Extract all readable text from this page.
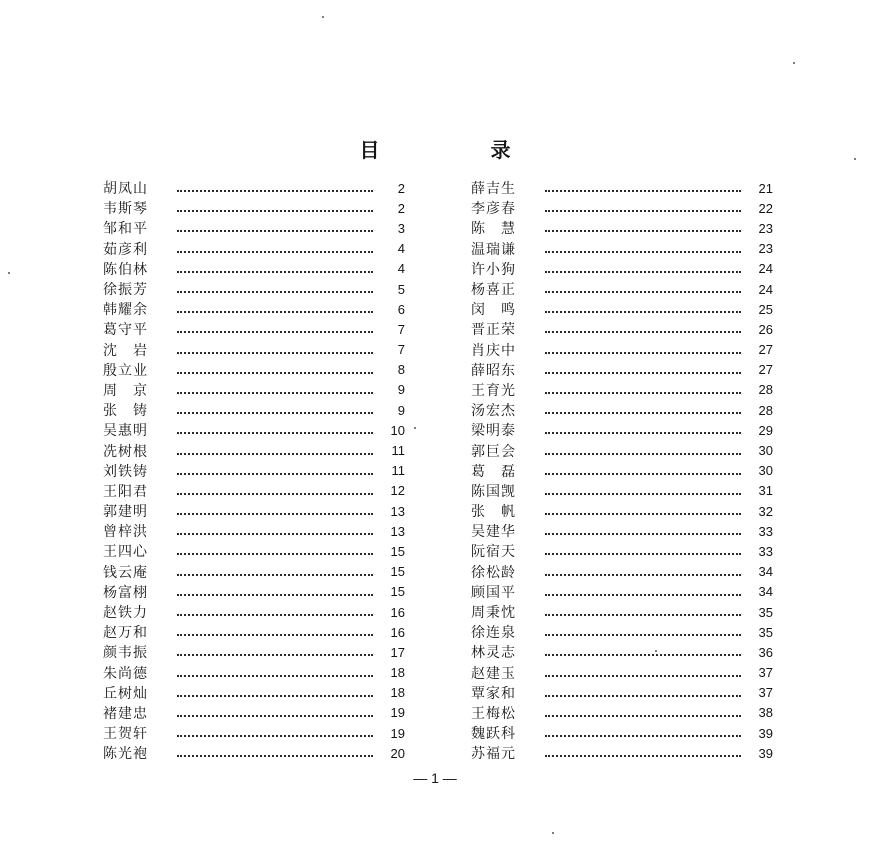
目 录
胡凤山	2
韦斯琴	2
邹和平	3
茹彦利	4
陈伯林	4
徐振芳	5
韩耀余	6
葛守平	7
沈　岩	7
殷立业	8
周　京	9
张　铸	9
吴惠明	10
冼树根	11
刘铁铸	11
王阳君	12
郭建明	13
曾梓洪	13
王四心	15
钱云庵	15
杨富栩	15
赵铁力	16
赵万和	16
颜韦振	17
朱尚德	18
丘树灿	18
褚建忠	19
王贺轩	19
陈光袍	20
薛吉生	21
李彦春	22
陈　慧	23
温瑞谦	23
许小狗	24
杨喜正	24
闵　鸣	25
晋正荣	26
肖庆中	27
薛昭东	27
王育光	28
汤宏杰	28
梁明泰	29
郭巨会	30
葛　磊	30
陈国觊	31
张　帆	32
吴建华	33
阮宿天	33
徐松龄	34
顾国平	34
周秉忱	35
徐连泉	35
林灵志	36
赵建玉	37
覃家和	37
王梅松	38
魏跃科	39
苏福元	39
— 1 —
